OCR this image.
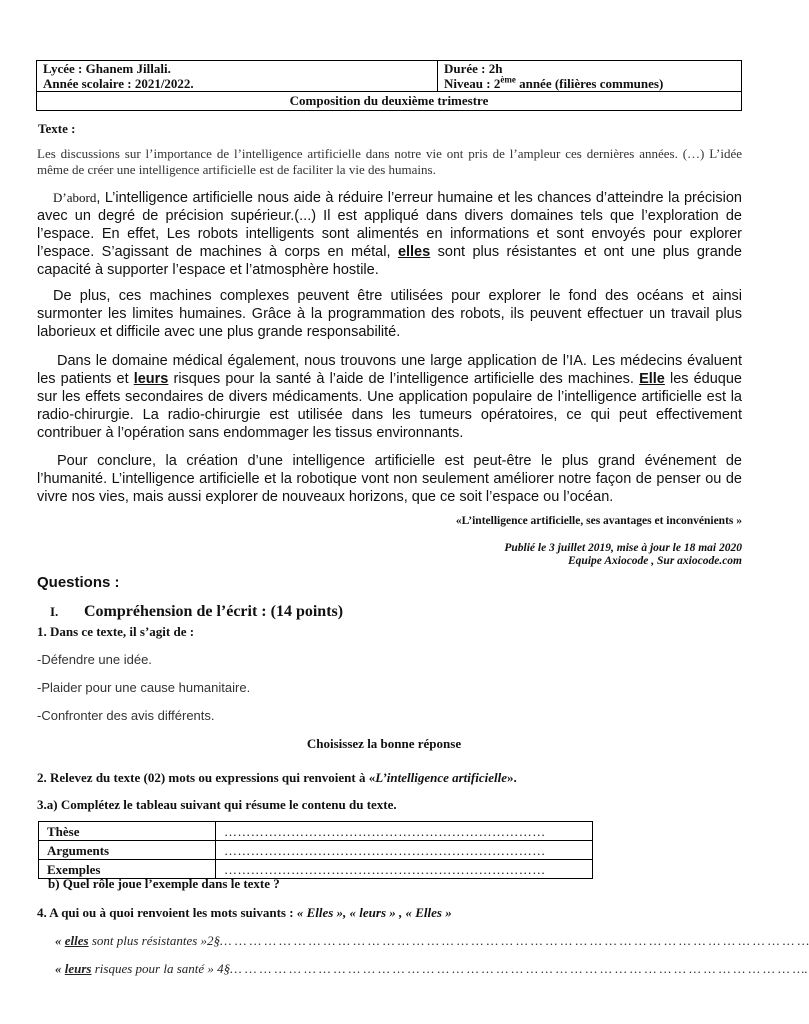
Lycée : Ghanem Jillali.
Année scolaire : 2021/2022.

Durée : 2h
Niveau : 2ème année (filières communes)

Composition du deuxième trimestre
Texte :
Les discussions sur l’importance de l’intelligence artificielle dans notre vie ont pris de l’ampleur ces dernières années. (…) L’idée même de créer une intelligence artificielle est de faciliter la vie des humains.
D’abord, L’intelligence artificielle nous aide à réduire l’erreur humaine et les chances d’atteindre la précision avec un degré de précision supérieur.(...) Il est appliqué dans divers domaines tels que l’exploration de l’espace. En effet, Les robots intelligents sont alimentés en informations et sont envoyés pour explorer l’espace. S’agissant de machines à corps en métal, elles sont plus résistantes et ont une plus grande capacité à supporter l’espace et l’atmosphère hostile.
De plus, ces machines complexes peuvent être utilisées pour explorer le fond des océans et ainsi surmonter les limites humaines. Grâce à la programmation des robots, ils peuvent effectuer un travail plus laborieux et difficile avec une plus grande responsabilité.
Dans le domaine médical également, nous trouvons une large application de l’IA. Les médecins évaluent les patients et leurs risques pour la santé à l’aide de l’intelligence artificielle des machines. Elle les éduque sur les effets secondaires de divers médicaments. Une application populaire de l’intelligence artificielle est la radio-chirurgie. La radio-chirurgie est utilisée dans les tumeurs opératoires, ce qui peut effectivement contribuer à l’opération sans endommager les tissus environnants.
Pour conclure, la création d’une intelligence artificielle est peut-être le plus grand événement de l’humanité. L’intelligence artificielle et la robotique vont non seulement améliorer notre façon de penser ou de vivre nos vies, mais aussi explorer de nouveaux horizons, que ce soit l’espace ou l’océan.
«L’intelligence artificielle, ses avantages et inconvénients »
Publié le 3 juillet 2019, mise à jour le 18 mai 2020
Equipe Axiocode , Sur axiocode.com
Questions :
I. Compréhension de l’écrit : (14 points)
1. Dans ce texte, il s’agit de :
-Défendre une idée.
-Plaider pour une cause humanitaire.
-Confronter des avis différents.
Choisissez la bonne réponse
2. Relevez du texte (02) mots ou expressions qui renvoient à «L’intelligence artificielle».
3.a) Complétez le tableau suivant qui résume le contenu du texte.
Thèse	………………………………………………………………
Arguments	………………………………………………………………
Exemples	………………………………………………………………
b) Quel rôle joue l’exemple dans le texte ?
4. A qui ou à quoi renvoient les mots suivants : « Elles », « leurs » , « Elles »
« elles sont plus résistantes »2§… … … … … … … … … … … … … … … … … … … … … … … … … … … … … … … … … … … … … … … …
« leurs risques pour la santé » 4§… … … … … … … … … … … … … … … … … … … … … … … … … … … … … … … … … … … … … … ….
